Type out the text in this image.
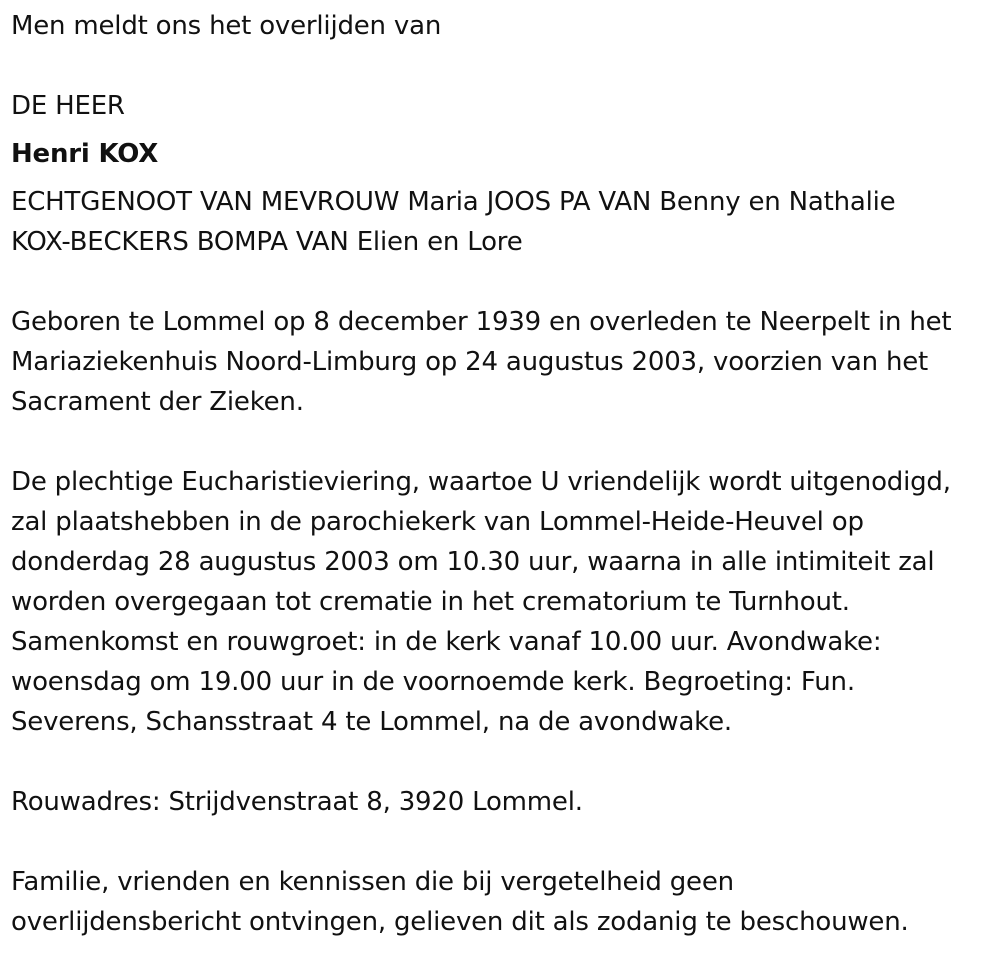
Men meldt ons het overlijden van
DE HEER
Henri KOX
ECHTGENOOT VAN MEVROUW Maria JOOS PA VAN Benny en Nathalie
KOX-BECKERS BOMPA VAN Elien en Lore
Geboren te Lommel op 8 december 1939 en overleden te Neerpelt in het
Mariaziekenhuis Noord-Limburg op 24 augustus 2003, voorzien van het
Sacrament der Zieken.
De plechtige Eucharistieviering, waartoe U vriendelijk wordt uitgenodigd,
zal plaatshebben in de parochiekerk van Lommel-Heide-Heuvel op
donderdag 28 augustus 2003 om 10.30 uur, waarna in alle intimiteit zal
worden overgegaan tot crematie in het crematorium te Turnhout.
Samenkomst en rouwgroet: in de kerk vanaf 10.00 uur. Avondwake:
woensdag om 19.00 uur in de voornoemde kerk. Begroeting: Fun.
Severens, Schansstraat 4 te Lommel, na de avondwake.
Rouwadres: Strijdvenstraat 8, 3920 Lommel.
Familie, vrienden en kennissen die bij vergetelheid geen
overlijdensbericht ontvingen, gelieven dit als zodanig te beschouwen.
